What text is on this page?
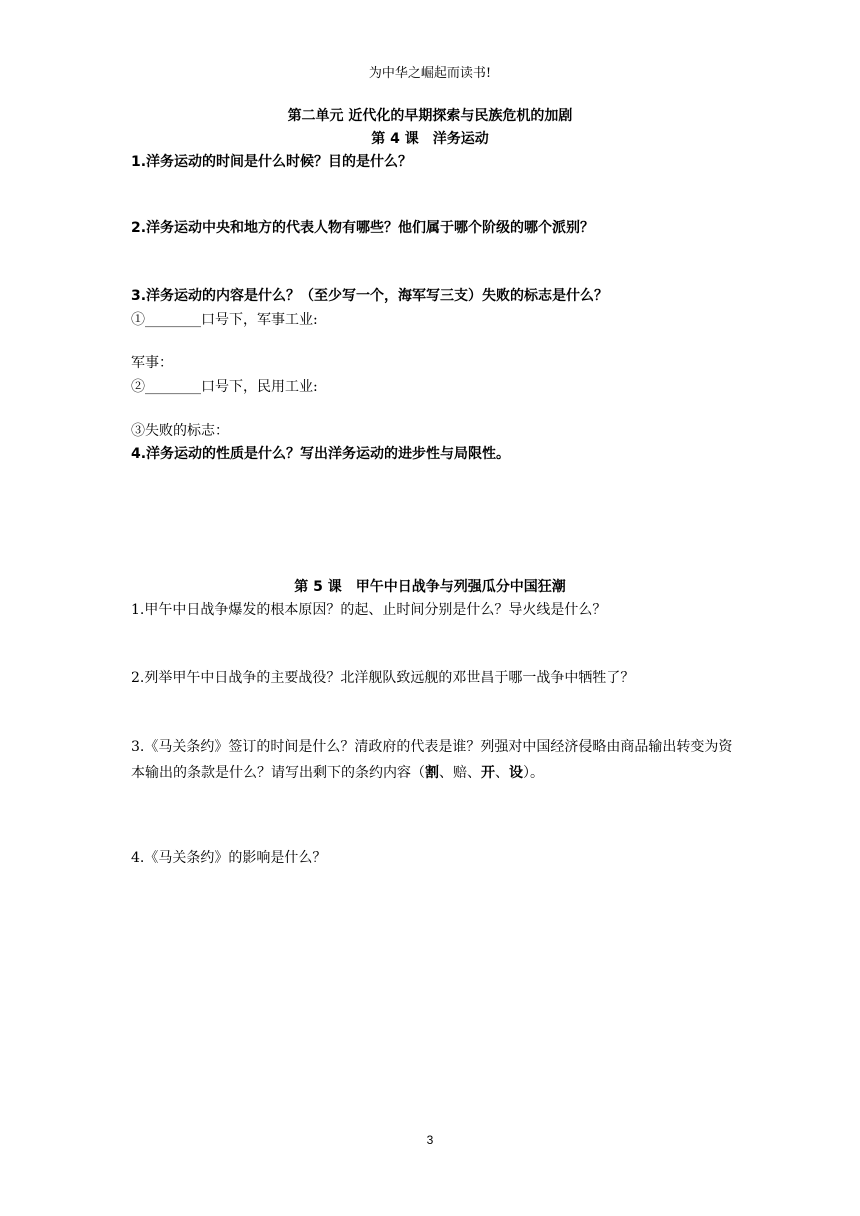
为中华之崛起而读书!
第二单元 近代化的早期探索与民族危机的加剧
第 4 课　洋务运动
1.洋务运动的时间是什么时候？目的是什么？
2.洋务运动中央和地方的代表人物有哪些？他们属于哪个阶级的哪个派别？
3.洋务运动的内容是什么？（至少写一个，海军写三支）失败的标志是什么？
①________口号下，军事工业:
军事：
②________口号下，民用工业:
③失败的标志：
4.洋务运动的性质是什么？写出洋务运动的进步性与局限性。
第 5 课　甲午中日战争与列强瓜分中国狂潮
1.甲午中日战争爆发的根本原因？的起、止时间分别是什么？导火线是什么？
2.列举甲午中日战争的主要战役？北洋舰队致远舰的邓世昌于哪一战争中牺牲了？
3.《马关条约》签订的时间是什么？清政府的代表是谁？列强对中国经济侵略由商品输出转变为资本输出的条款是什么？请写出剩下的条约内容（割、赔、开、设）。
4.《马关条约》的影响是什么？
3
